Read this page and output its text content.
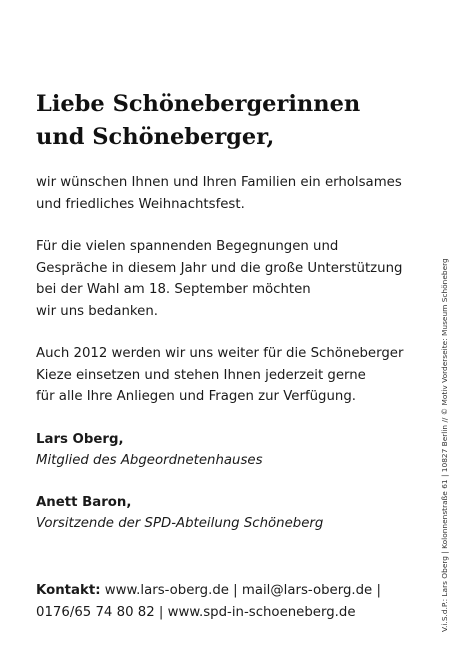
Liebe Schönebergerinnen
und Schöneberger,

wir wünschen Ihnen und Ihren Familien ein erholsames
und friedliches Weihnachtsfest.

Für die vielen spannenden Begegnungen und
Gespräche in diesem Jahr und die große Unterstützung
bei der Wahl am 18. September möchten
wir uns bedanken.

Auch 2012 werden wir uns weiter für die Schöneberger
Kieze einsetzen und stehen Ihnen jederzeit gerne
für alle Ihre Anliegen und Fragen zur Verfügung.

Lars Oberg,

Mitglied des Abgeordnetenhauses

Anett Baron,

Vorsitzende der SPD-Abteilung Schöneberg

Kontakt: www.lars-oberg.de | mail@lars-oberg.de |
0176/65 74 80 82 | www.spd-in-schoeneberg.de	V.i.S.d.P.: Lars Oberg | Kolonnenstraße 61 | 10827 Berlin // © Motiv Vorderseite: Museum Schöneberg
